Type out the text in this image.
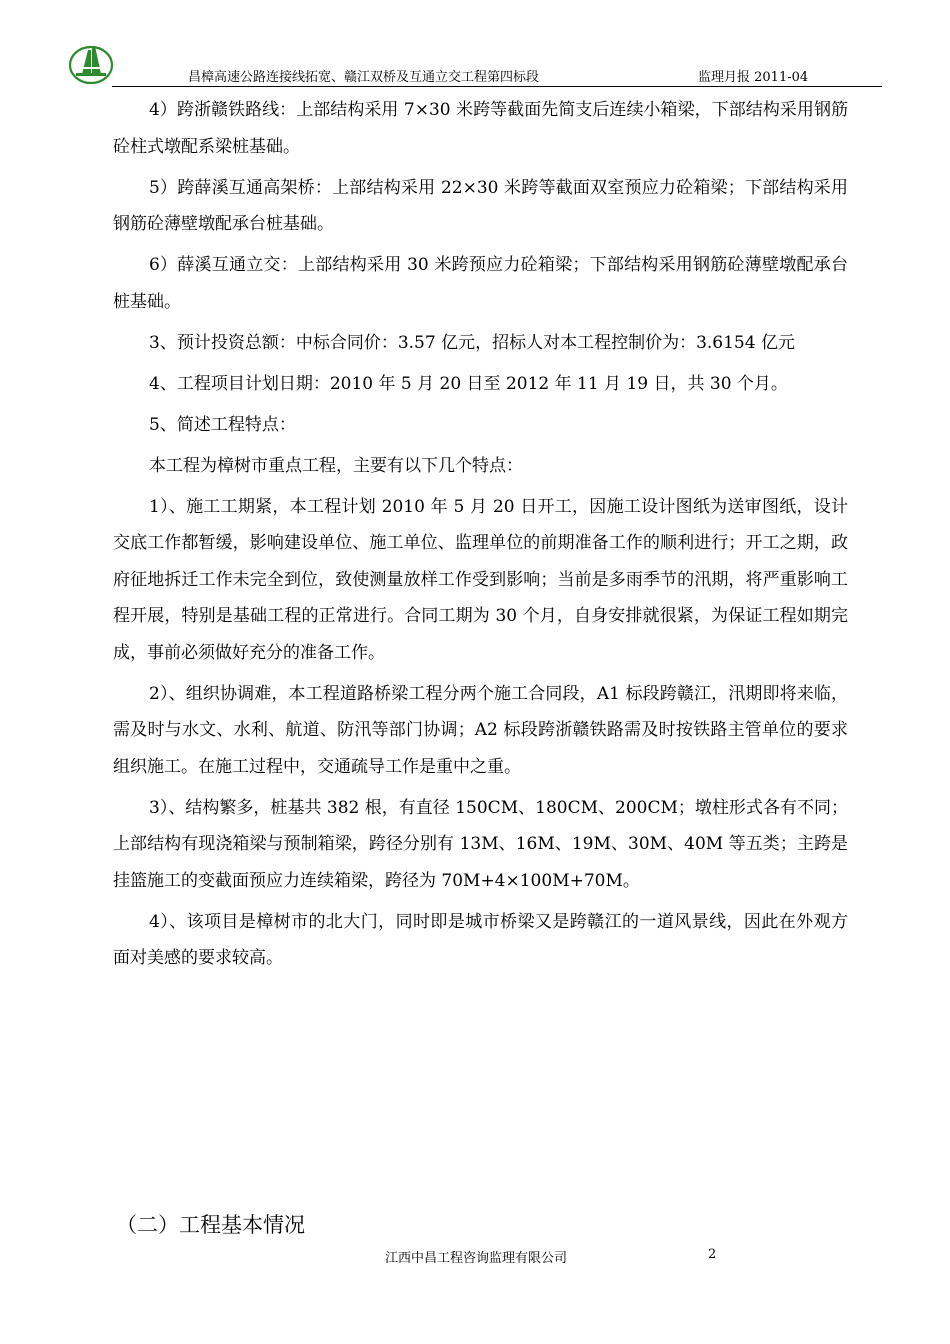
昌樟高速公路连接线拓宽、赣江双桥及互通立交工程第四标段	监理月报 2011-04

4）跨浙赣铁路线：上部结构采用 7×30 米跨等截面先简支后连续小箱梁，下部结构采用钢筋砼柱式墩配系梁桩基础。

5）跨薛溪互通高架桥：上部结构采用 22×30 米跨等截面双室预应力砼箱梁；下部结构采用钢筋砼薄壁墩配承台桩基础。

6）薛溪互通立交：上部结构采用 30 米跨预应力砼箱梁；下部结构采用钢筋砼薄壁墩配承台桩基础。

3、预计投资总额：中标合同价：3.57 亿元，招标人对本工程控制价为：3.6154 亿元

4、工程项目计划日期：2010 年 5 月 20 日至 2012 年 11 月 19 日，共 30 个月。

5、简述工程特点：

本工程为樟树市重点工程，主要有以下几个特点：

1）、施工工期紧，本工程计划 2010 年 5 月 20 日开工，因施工设计图纸为送审图纸，设计交底工作都暂缓，影响建设单位、施工单位、监理单位的前期准备工作的顺利进行；开工之期，政府征地拆迁工作未完全到位，致使测量放样工作受到影响；当前是多雨季节的汛期，将严重影响工程开展，特别是基础工程的正常进行。合同工期为 30 个月，自身安排就很紧，为保证工程如期完成，事前必须做好充分的准备工作。

2）、组织协调难，本工程道路桥梁工程分两个施工合同段，A1 标段跨赣江，汛期即将来临，需及时与水文、水利、航道、防汛等部门协调；A2 标段跨浙赣铁路需及时按铁路主管单位的要求组织施工。在施工过程中，交通疏导工作是重中之重。

3）、结构繁多，桩基共 382 根，有直径 150CM、180CM、200CM；墩柱形式各有不同；上部结构有现浇箱梁与预制箱梁，跨径分别有 13M、16M、19M、30M、40M 等五类；主跨是挂篮施工的变截面预应力连续箱梁，跨径为 70M+4×100M+70M。

4）、该项目是樟树市的北大门，同时即是城市桥梁又是跨赣江的一道风景线，因此在外观方面对美感的要求较高。

（二）工程基本情况
江西中昌工程咨询监理有限公司	2
